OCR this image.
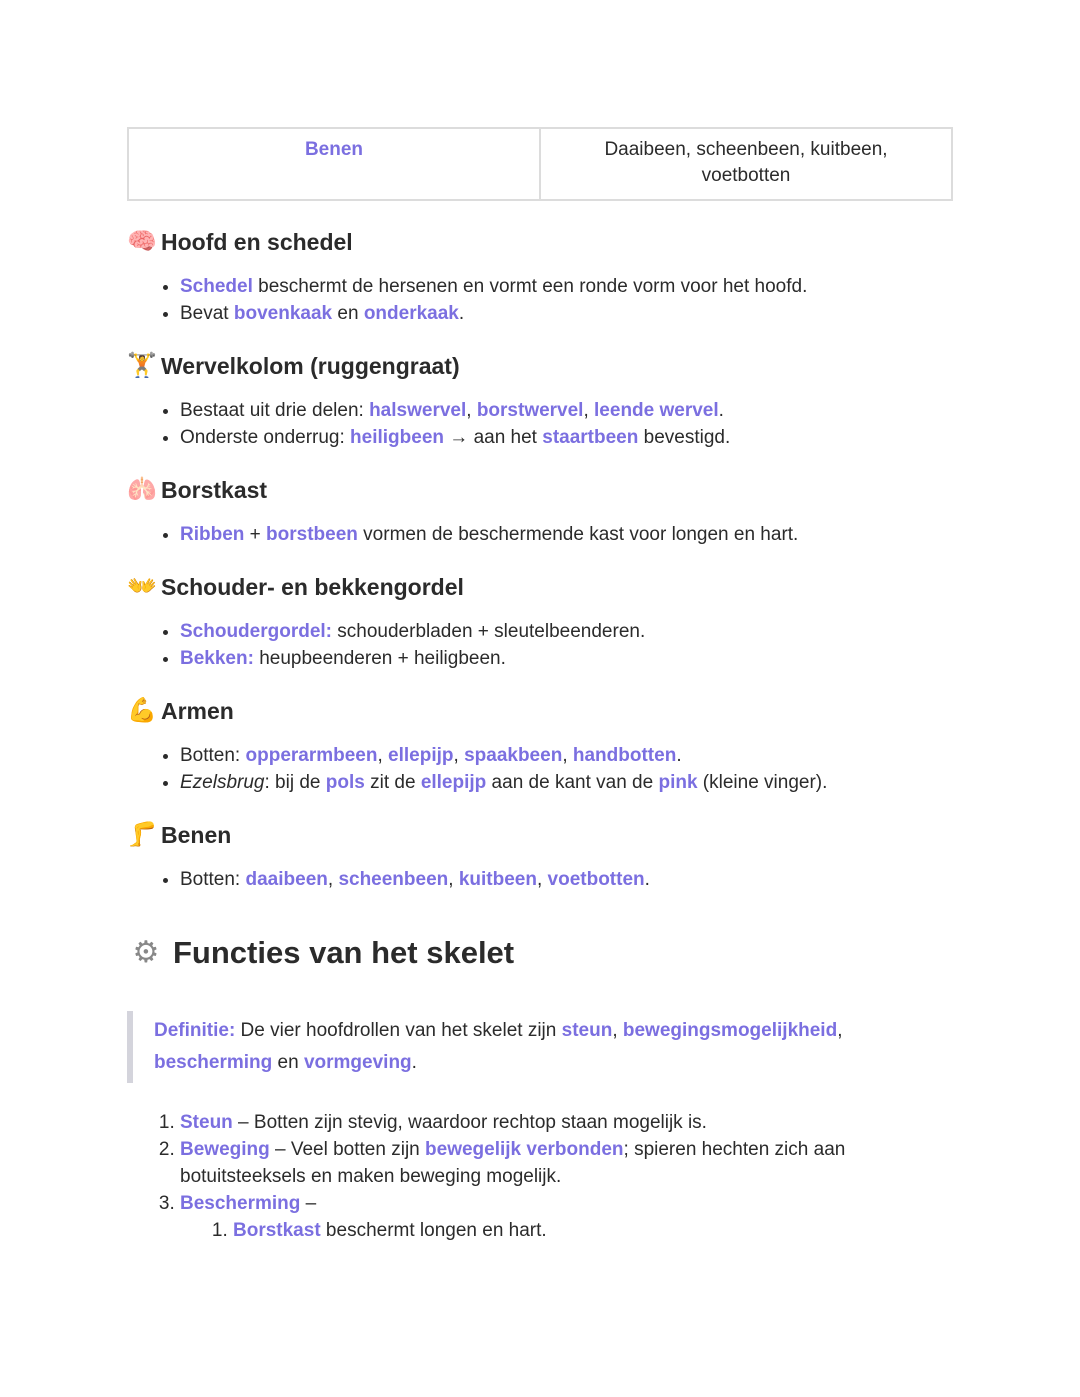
Benen	Daaibeen, scheenbeen, kuitbeen, voetbotten
🧠 Hoofd en schedel
• Schedel beschermt de hersenen en vormt een ronde vorm voor het hoofd.
• Bevat bovenkaak en onderkaak.
🏋 Wervelkolom (ruggengraat)
• Bestaat uit drie delen: halswervel, borstwervel, leende wervel.
• Onderste onderrug: heiligbeen → aan het staartbeen bevestigd.
🫁 Borstkast
• Ribben + borstbeen vormen de beschermende kast voor longen en hart.
👐 Schouder- en bekkengordel
• Schoudergordel: schouderbladen + sleutelbeenderen.
• Bekken: heupbeenderen + heiligbeen.
💪 Armen
• Botten: opperarmbeen, ellepijp, spaakbeen, handbotten.
• Ezelsbrug: bij de pols zit de ellepijp aan de kant van de pink (kleine vinger).
🦵 Benen
• Botten: daaibeen, scheenbeen, kuitbeen, voetbotten.
⚙ Functies van het skelet
Definitie: De vier hoofdrollen van het skelet zijn steun, bewegingsmogelijkheid, bescherming en vormgeving.
1. Steun – Botten zijn stevig, waardoor rechtop staan mogelijk is.
2. Beweging – Veel botten zijn bewegelijk verbonden; spieren hechten zich aan botuitsteeksels en maken beweging mogelijk.
3. Bescherming –
1. Borstkast beschermt longen en hart.
